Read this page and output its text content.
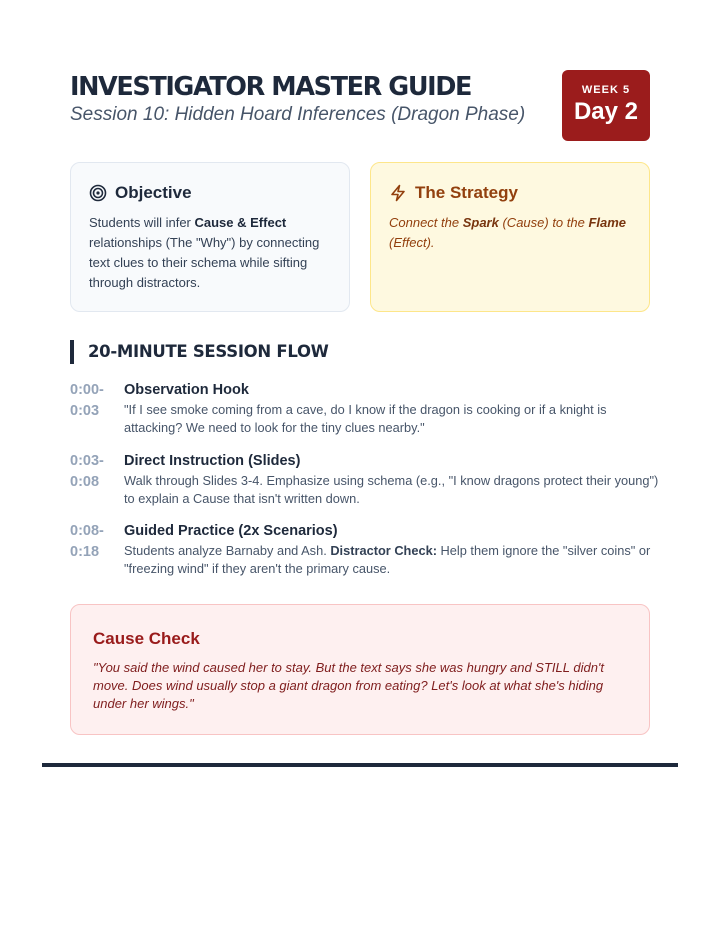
INVESTIGATOR MASTER GUIDE
Session 10: Hidden Hoard Inferences (Dragon Phase)
WEEK 5
Day 2
Objective
Students will infer Cause & Effect relationships (The "Why") by connecting text clues to their schema while sifting through distractors.
The Strategy
Connect the Spark (Cause) to the Flame (Effect).
20-MINUTE SESSION FLOW
0:00-
0:03
Observation Hook
"If I see smoke coming from a cave, do I know if the dragon is cooking or if a knight is attacking? We need to look for the tiny clues nearby."
0:03-
0:08
Direct Instruction (Slides)
Walk through Slides 3-4. Emphasize using schema (e.g., "I know dragons protect their young") to explain a Cause that isn't written down.
0:08-
0:18
Guided Practice (2x Scenarios)
Students analyze Barnaby and Ash. Distractor Check: Help them ignore the "silver coins" or "freezing wind" if they aren't the primary cause.
Cause Check
"You said the wind caused her to stay. But the text says she was hungry and STILL didn't move. Does wind usually stop a giant dragon from eating? Let's look at what she's hiding under her wings."
